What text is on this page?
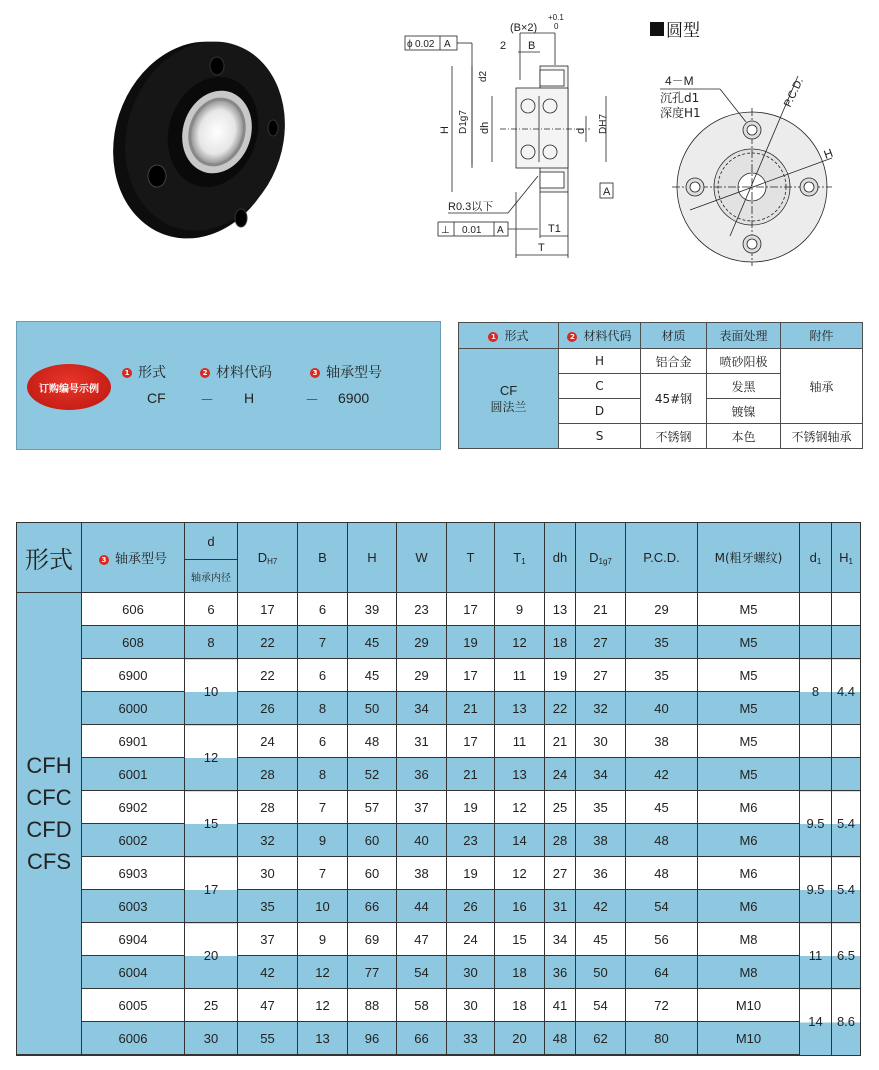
(B×2)
+0.1
0
ϕ 0.02 A	2 B
H D1g7 dh
d2
d DH7
A
R0.3以下
⊥ 0.01 A	T1
T
圆型
4－M
沉孔d1
深度H1
P.C.D.
H
订购编号示例
1 形式	2 材料代码	3 轴承型号
CF － H	－ 6900
1 形式	2 材料代码	材质	表面处理	附件

CF
圆法兰	H	铝合金	喷砂阳极	轴承
	C	45#钢	发黑	
	D		镀镍	
	S	不锈钢	本色	不锈钢轴承
形式	3 轴承型号	d	$D_{H7}$	B	H	W	T	$T_1$	dh	$D_{1g7}$	P.C.D.	M(粗牙螺纹)	$d_1$	$H_1$
		轴承内径												

CFH
CFC
CFD
CFS	606	6	17	6	39	23	17	9	13	21	29	M5		
	608	8	22	7	45	29	19	12	18	27	35	M5		
	6900	10	22	6	45	29	17	11	19	27	35	M5	8	4.4
	6000		26	8	50	34	21	13	22	32	40	M5		
	6901	12	24	6	48	31	17	11	21	30	38	M5		
	6001		28	8	52	36	21	13	24	34	42	M5		
	6902	15	28	7	57	37	19	12	25	35	45	M6	9.5	5.4
	6002		32	9	60	40	23	14	28	38	48	M6		
	6903	17	30	7	60	38	19	12	27	36	48	M6	9.5	5.4
	6003		35	10	66	44	26	16	31	42	54	M6		
	6904	20	37	9	69	47	24	15	34	45	56	M8	11	6.5
	6004		42	12	77	54	30	18	36	50	64	M8		
	6005	25	47	12	88	58	30	18	41	54	72	M10	14	8.6
	6006	30	55	13	96	66	33	20	48	62	80	M10		
